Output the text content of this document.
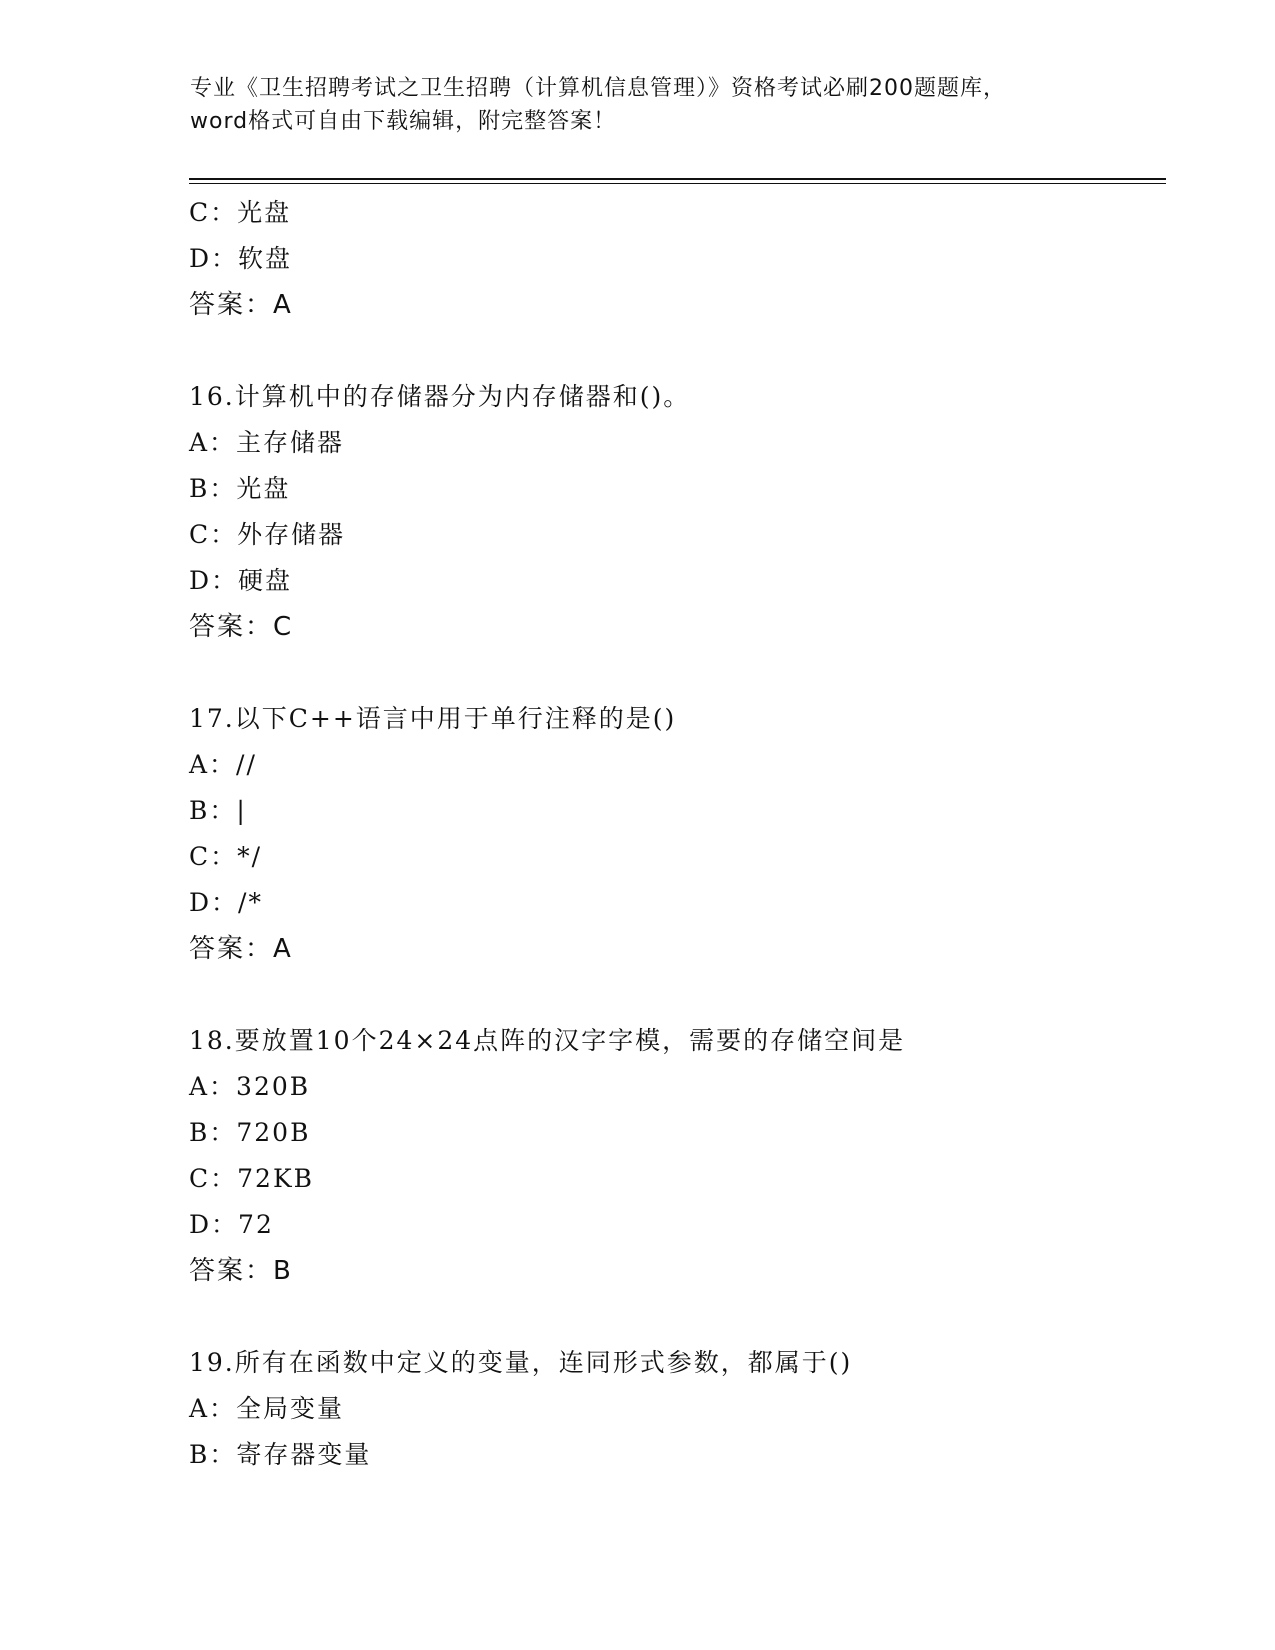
专业《卫生招聘考试之卫生招聘（计算机信息管理）》资格考试必刷200题题库，
word格式可自由下载编辑，附完整答案！
C：光盘
D：软盘
答案：A
16.计算机中的存储器分为内存储器和()。
A：主存储器
B：光盘
C：外存储器
D：硬盘
答案：C
17.以下C++语言中用于单行注释的是()
A：//
B：|
C：*/
D：/*
答案：A
18.要放置10个24×24点阵的汉字字模，需要的存储空间是
A：320B
B：720B
C：72KB
D：72
答案：B
19.所有在函数中定义的变量，连同形式参数，都属于()
A：全局变量
B：寄存器变量
